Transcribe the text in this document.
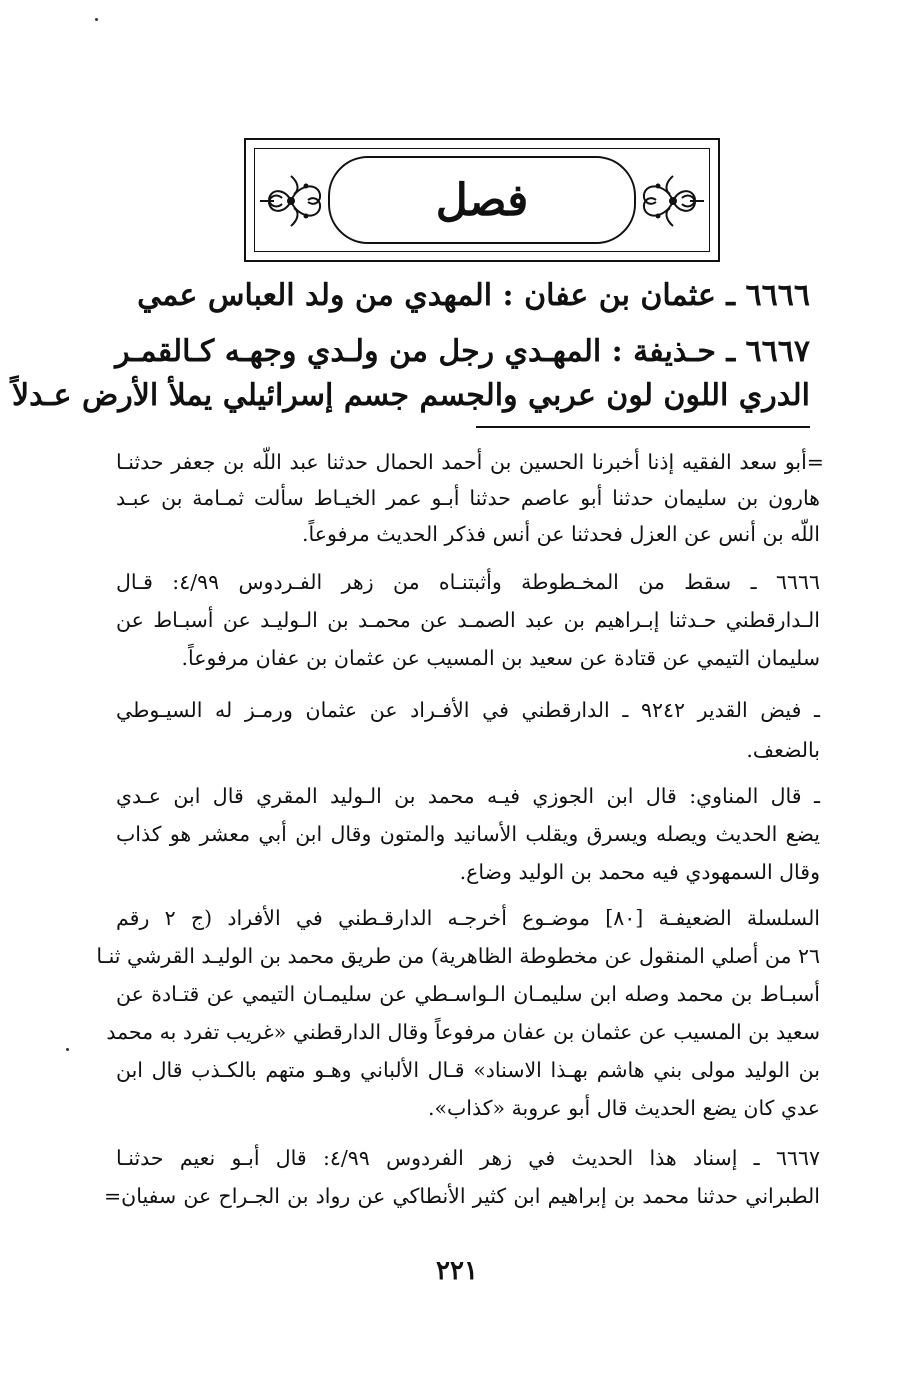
فصل
٦٦٦٦ ـ عثمان بن عفان : المهدي من ولد العباس عمي
٦٦٦٧ ـ حـذيفة : المهـدي رجل من ولـدي وجهـه كـالقمـر
الدري اللون لون عربي والجسم جسم إسرائيلي يملأ الأرض عـدلاً
=أبو سعد الفقيه إذنا أخبرنا الحسين بن أحمد الحمال حدثنا عبد اللّه بن جعفر حدثنـا
هارون بن سليمان حدثنا أبو عاصم حدثنا أبـو عمر الخيـاط سألت ثمـامة بن عبـد
اللّه بن أنس عن العزل فحدثنا عن أنس فذكر الحديث مرفوعاً.
٦٦٦٦ ـ سقط من المخـطوطة وأثبتنـاه من زهر الفـردوس ٤/٩٩: قـال
الـدارقطني حـدثنا إبـراهيم بن عبد الصمـد عن محمـد بن الـوليـد عن أسبـاط عن
سليمان التيمي عن قتادة عن سعيد بن المسيب عن عثمان بن عفان مرفوعاً.
ـ فيض القدير ٩٢٤٢ ـ الدارقطني في الأفـراد عن عثمان ورمـز له السيـوطي
بالضعف.
ـ قال المناوي: قال ابن الجوزي فيـه محمد بن الـوليد المقري قال ابن عـدي
يضع الحديث ويصله ويسرق ويقلب الأسانيد والمتون وقال ابن أبي معشر هو كذاب
وقال السمهودي فيه محمد بن الوليد وضاع.
السلسلة الضعيفـة [٨٠] موضـوع أخرجـه الدارقـطني في الأفراد (ج ٢ رقم
٢٦ من أصلي المنقول عن مخطوطة الظاهرية) من طريق محمد بن الوليـد القرشي ثنـا
أسبـاط بن محمد وصله ابن سليمـان الـواسـطي عن سليمـان التيمي عن قتـادة عن
سعيد بن المسيب عن عثمان بن عفان مرفوعاً وقال الدارقطني «غريب تفرد به محمد
بن الوليد مولى بني هاشم بهـذا الاسناد» قـال الألباني وهـو متهم بالكـذب قال ابن
عدي كان يضع الحديث قال أبو عروبة «كذاب».
٦٦٦٧ ـ إسناد هذا الحديث في زهر الفردوس ٤/٩٩: قال أبـو نعيم حدثنـا
الطبراني حدثنا محمد بن إبراهيم ابن كثير الأنطاكي عن رواد بن الجـراح عن سفيان=
٢٢١
